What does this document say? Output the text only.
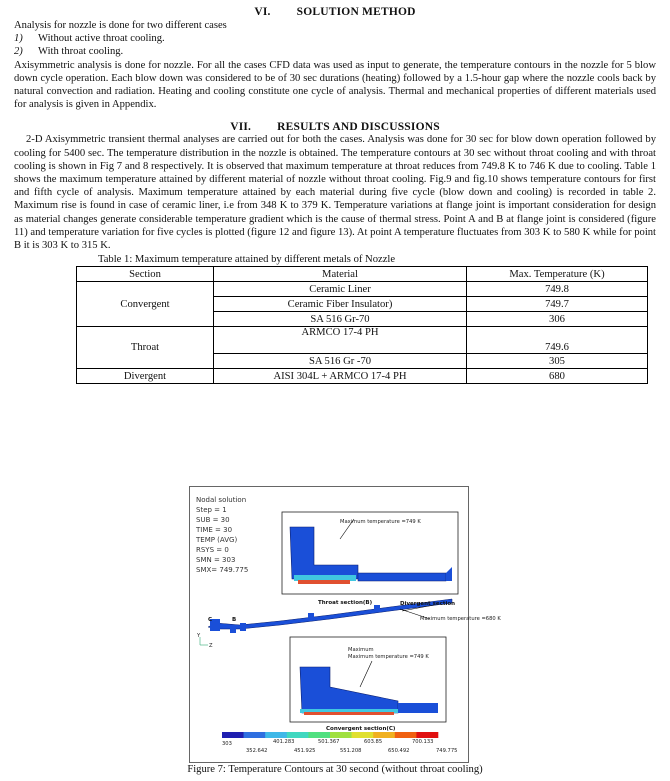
VI. SOLUTION METHOD

Analysis for nozzle is done for two different cases

1) Without active throat cooling.
2) With throat cooling.

Axisymmetric analysis is done for nozzle. For all the cases CFD data was used as input to generate, the temperature contours in the nozzle for 5 blow down cycle operation. Each blow down was considered to be of 30 sec durations (heating) followed by a 1.5-hour gap where the nozzle cools back by natural convection and radiation. Heating and cooling constitute one cycle of analysis. Thermal and mechanical properties of different materials used for analysis is given in Appendix.

VII. RESULTS AND DISCUSSIONS

2-D Axisymmetric transient thermal analyses are carried out for both the cases. Analysis was done for 30 sec for blow down operation followed by cooling for 5400 sec. The temperature distribution in the nozzle is obtained. The temperature contours at 30 sec without throat cooling and with throat cooling is shown in Fig 7 and 8 respectively. It is observed that maximum temperature at throat reduces from 749.8 K to 746 K due to cooling. Table 1 shows the maximum temperature attained by different material of nozzle without throat cooling. Fig.9 and fig.10 shows temperature contours for first and fifth cycle of analysis. Maximum temperature attained by each material during five cycle (blow down and cooling) is recorded in table 2. Maximum rise is found in case of ceramic liner, i.e from 348 K to 379 K. Temperature variations at flange joint is important consideration for design as material changes generate considerable temperature gradient which is the cause of thermal stress. Point A and B at flange joint is considered (figure 11) and temperature variation for five cycles is plotted (figure 12 and figure 13). At point A temperature fluctuates from 303 K to 580 K while for point B it is 303 K to 315 K.

Table 1: Maximum temperature attained by different metals of Nozzle
Section	Material	Max. Temperature (K)
Convergent	Ceramic Liner	749.8
	Ceramic Fiber Insulator)	749.7
	SA 516 Gr-70	306
Throat	ARMCO 17-4 PH	749.6
	SA 516 Gr -70	305
Divergent	AISI 304L + ARMCO 17-4 PH	680
Nodal solution
Step = 1
SUB = 30
TIME = 30
TEMP (AVG)
RSYS = 0
SMN = 303
SMX= 749.775
Maximum temperature =749 K
Throat section(B)
Maximum temperature =680 K
Divergent section
C	B
Y
Z
Maximum
Maximum temperature =749 K
Convergent section(C)
303	401.283	501.367	603.85	700.133
352.642	451.925	551.208	650.492	749.775
Figure 7: Temperature Contours at 30 second (without throat cooling)
